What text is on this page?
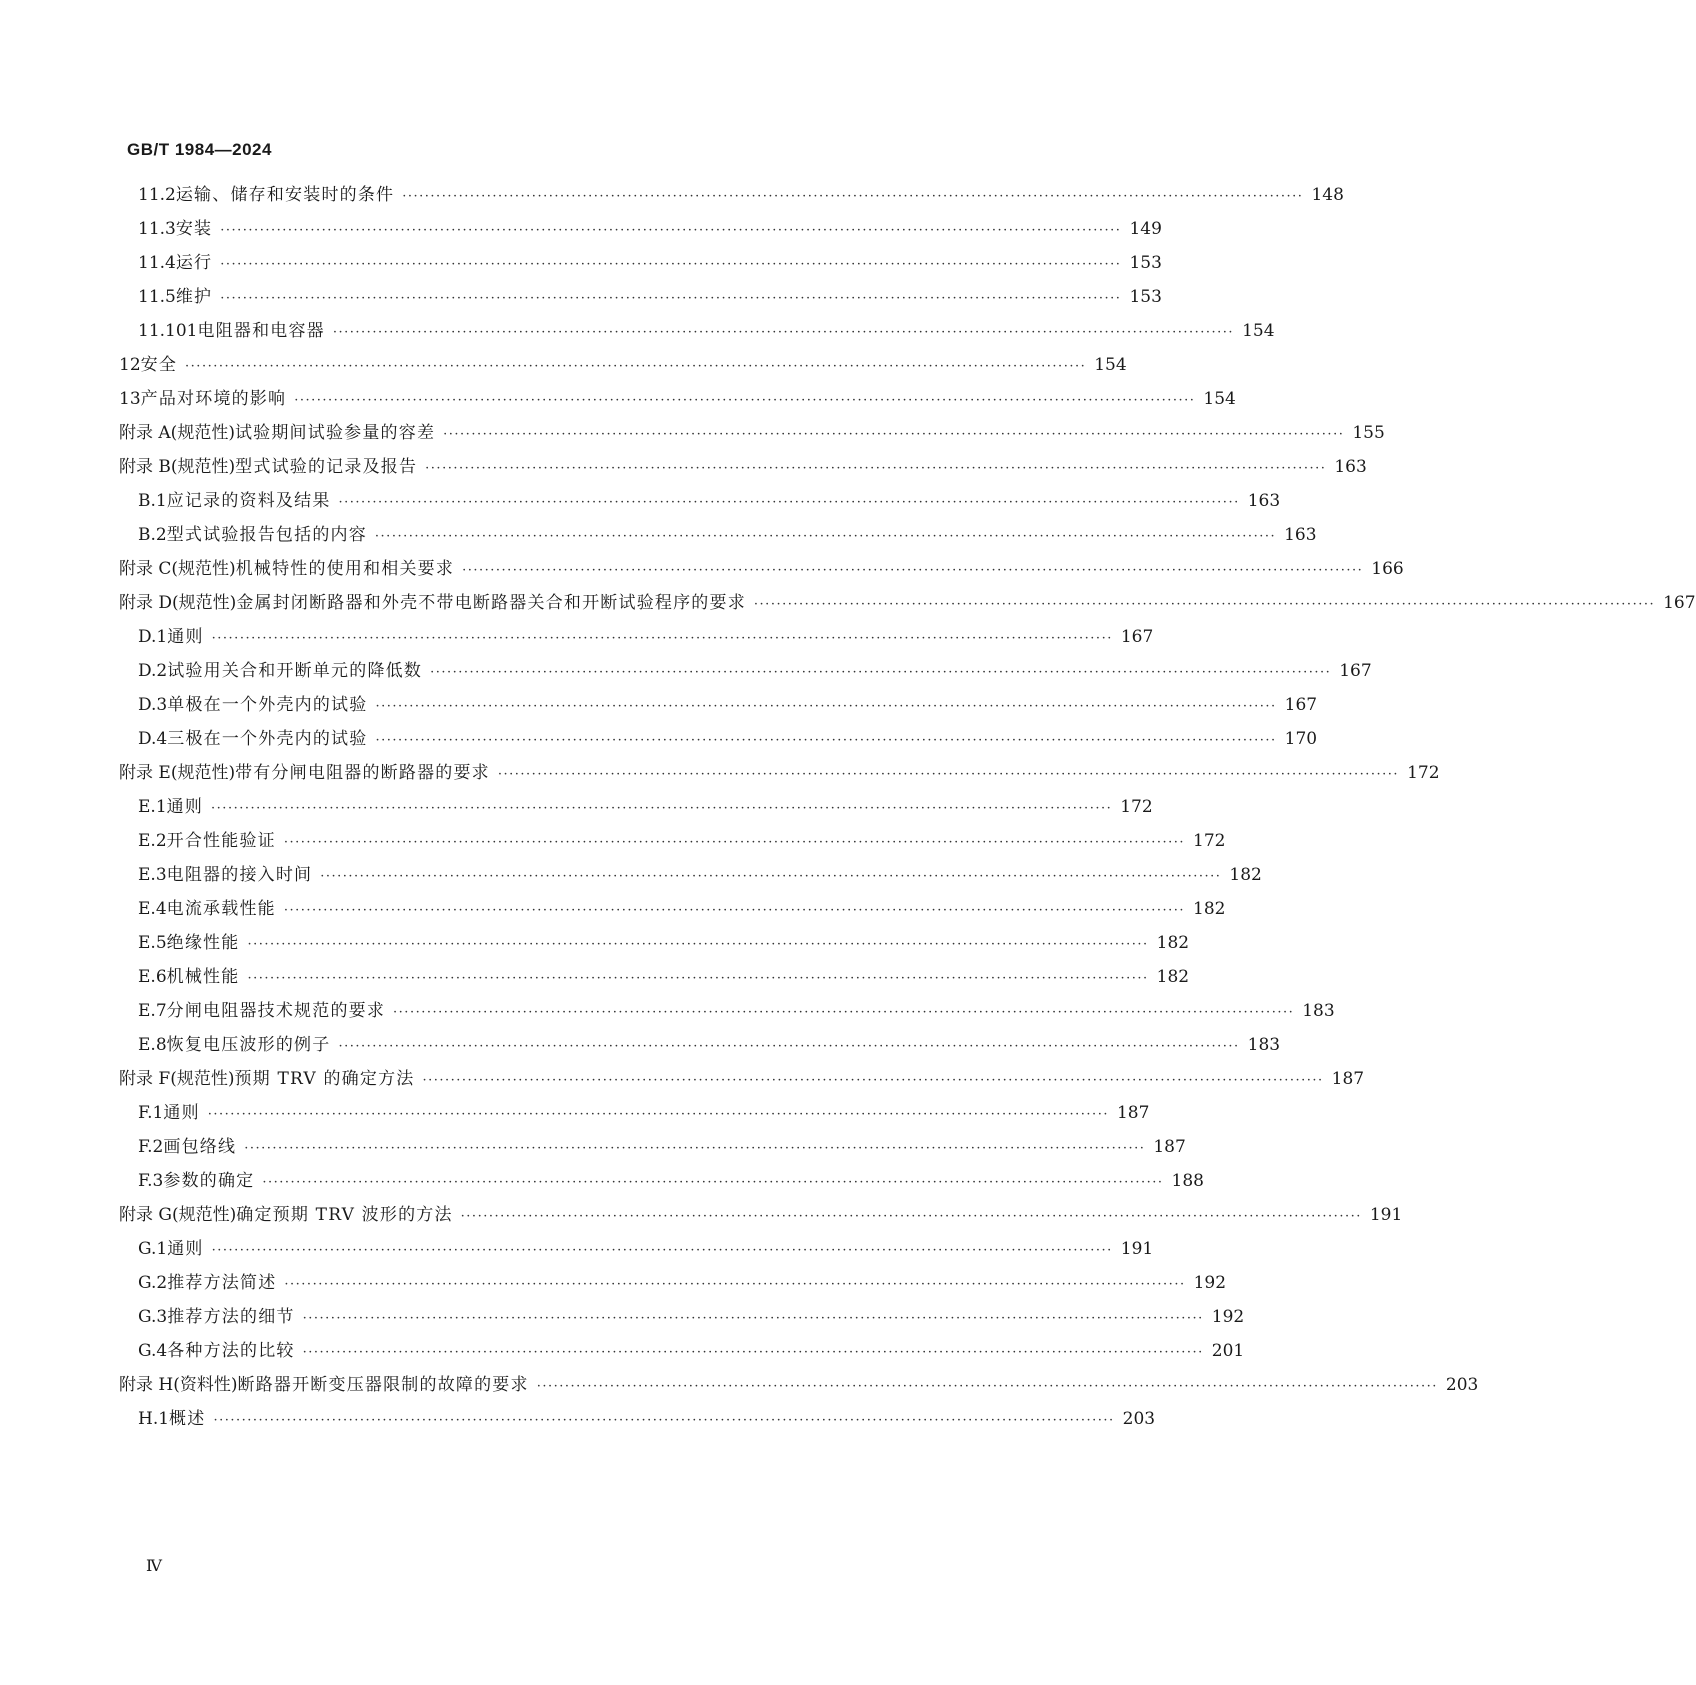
GB/T 1984—2024

11.2 运输、储存和安装时的条件 ································································································································································ 148
11.3 安装 ································································································································································ 149
11.4 运行 ································································································································································ 153
11.5 维护 ································································································································································ 153
11.101 电阻器和电容器 ································································································································································ 154
12 安全 ································································································································································ 154
13 产品对环境的影响 ································································································································································ 154
附录 A(规范性) 试验期间试验参量的容差 ································································································································································ 155
附录 B(规范性) 型式试验的记录及报告 ································································································································································ 163
B.1 应记录的资料及结果 ································································································································································ 163
B.2 型式试验报告包括的内容 ································································································································································ 163
附录 C(规范性) 机械特性的使用和相关要求 ································································································································································ 166
附录 D(规范性) 金属封闭断路器和外壳不带电断路器关合和开断试验程序的要求 ································································································································································ 167
D.1 通则 ································································································································································ 167
D.2 试验用关合和开断单元的降低数 ································································································································································ 167
D.3 单极在一个外壳内的试验 ································································································································································ 167
D.4 三极在一个外壳内的试验 ································································································································································ 170
附录 E(规范性) 带有分闸电阻器的断路器的要求 ································································································································································ 172
E.1 通则 ································································································································································ 172
E.2 开合性能验证 ································································································································································ 172
E.3 电阻器的接入时间 ································································································································································ 182
E.4 电流承载性能 ································································································································································ 182
E.5 绝缘性能 ································································································································································ 182
E.6 机械性能 ································································································································································ 182
E.7 分闸电阻器技术规范的要求 ································································································································································ 183
E.8 恢复电压波形的例子 ································································································································································ 183
附录 F(规范性) 预期 TRV 的确定方法 ································································································································································ 187
F.1 通则 ································································································································································ 187
F.2 画包络线 ································································································································································ 187
F.3 参数的确定 ································································································································································ 188
附录 G(规范性) 确定预期 TRV 波形的方法 ································································································································································ 191
G.1 通则 ································································································································································ 191
G.2 推荐方法简述 ································································································································································ 192
G.3 推荐方法的细节 ································································································································································ 192
G.4 各种方法的比较 ································································································································································ 201
附录 H(资料性) 断路器开断变压器限制的故障的要求 ································································································································································ 203
H.1 概述 ································································································································································ 203

Ⅳ
